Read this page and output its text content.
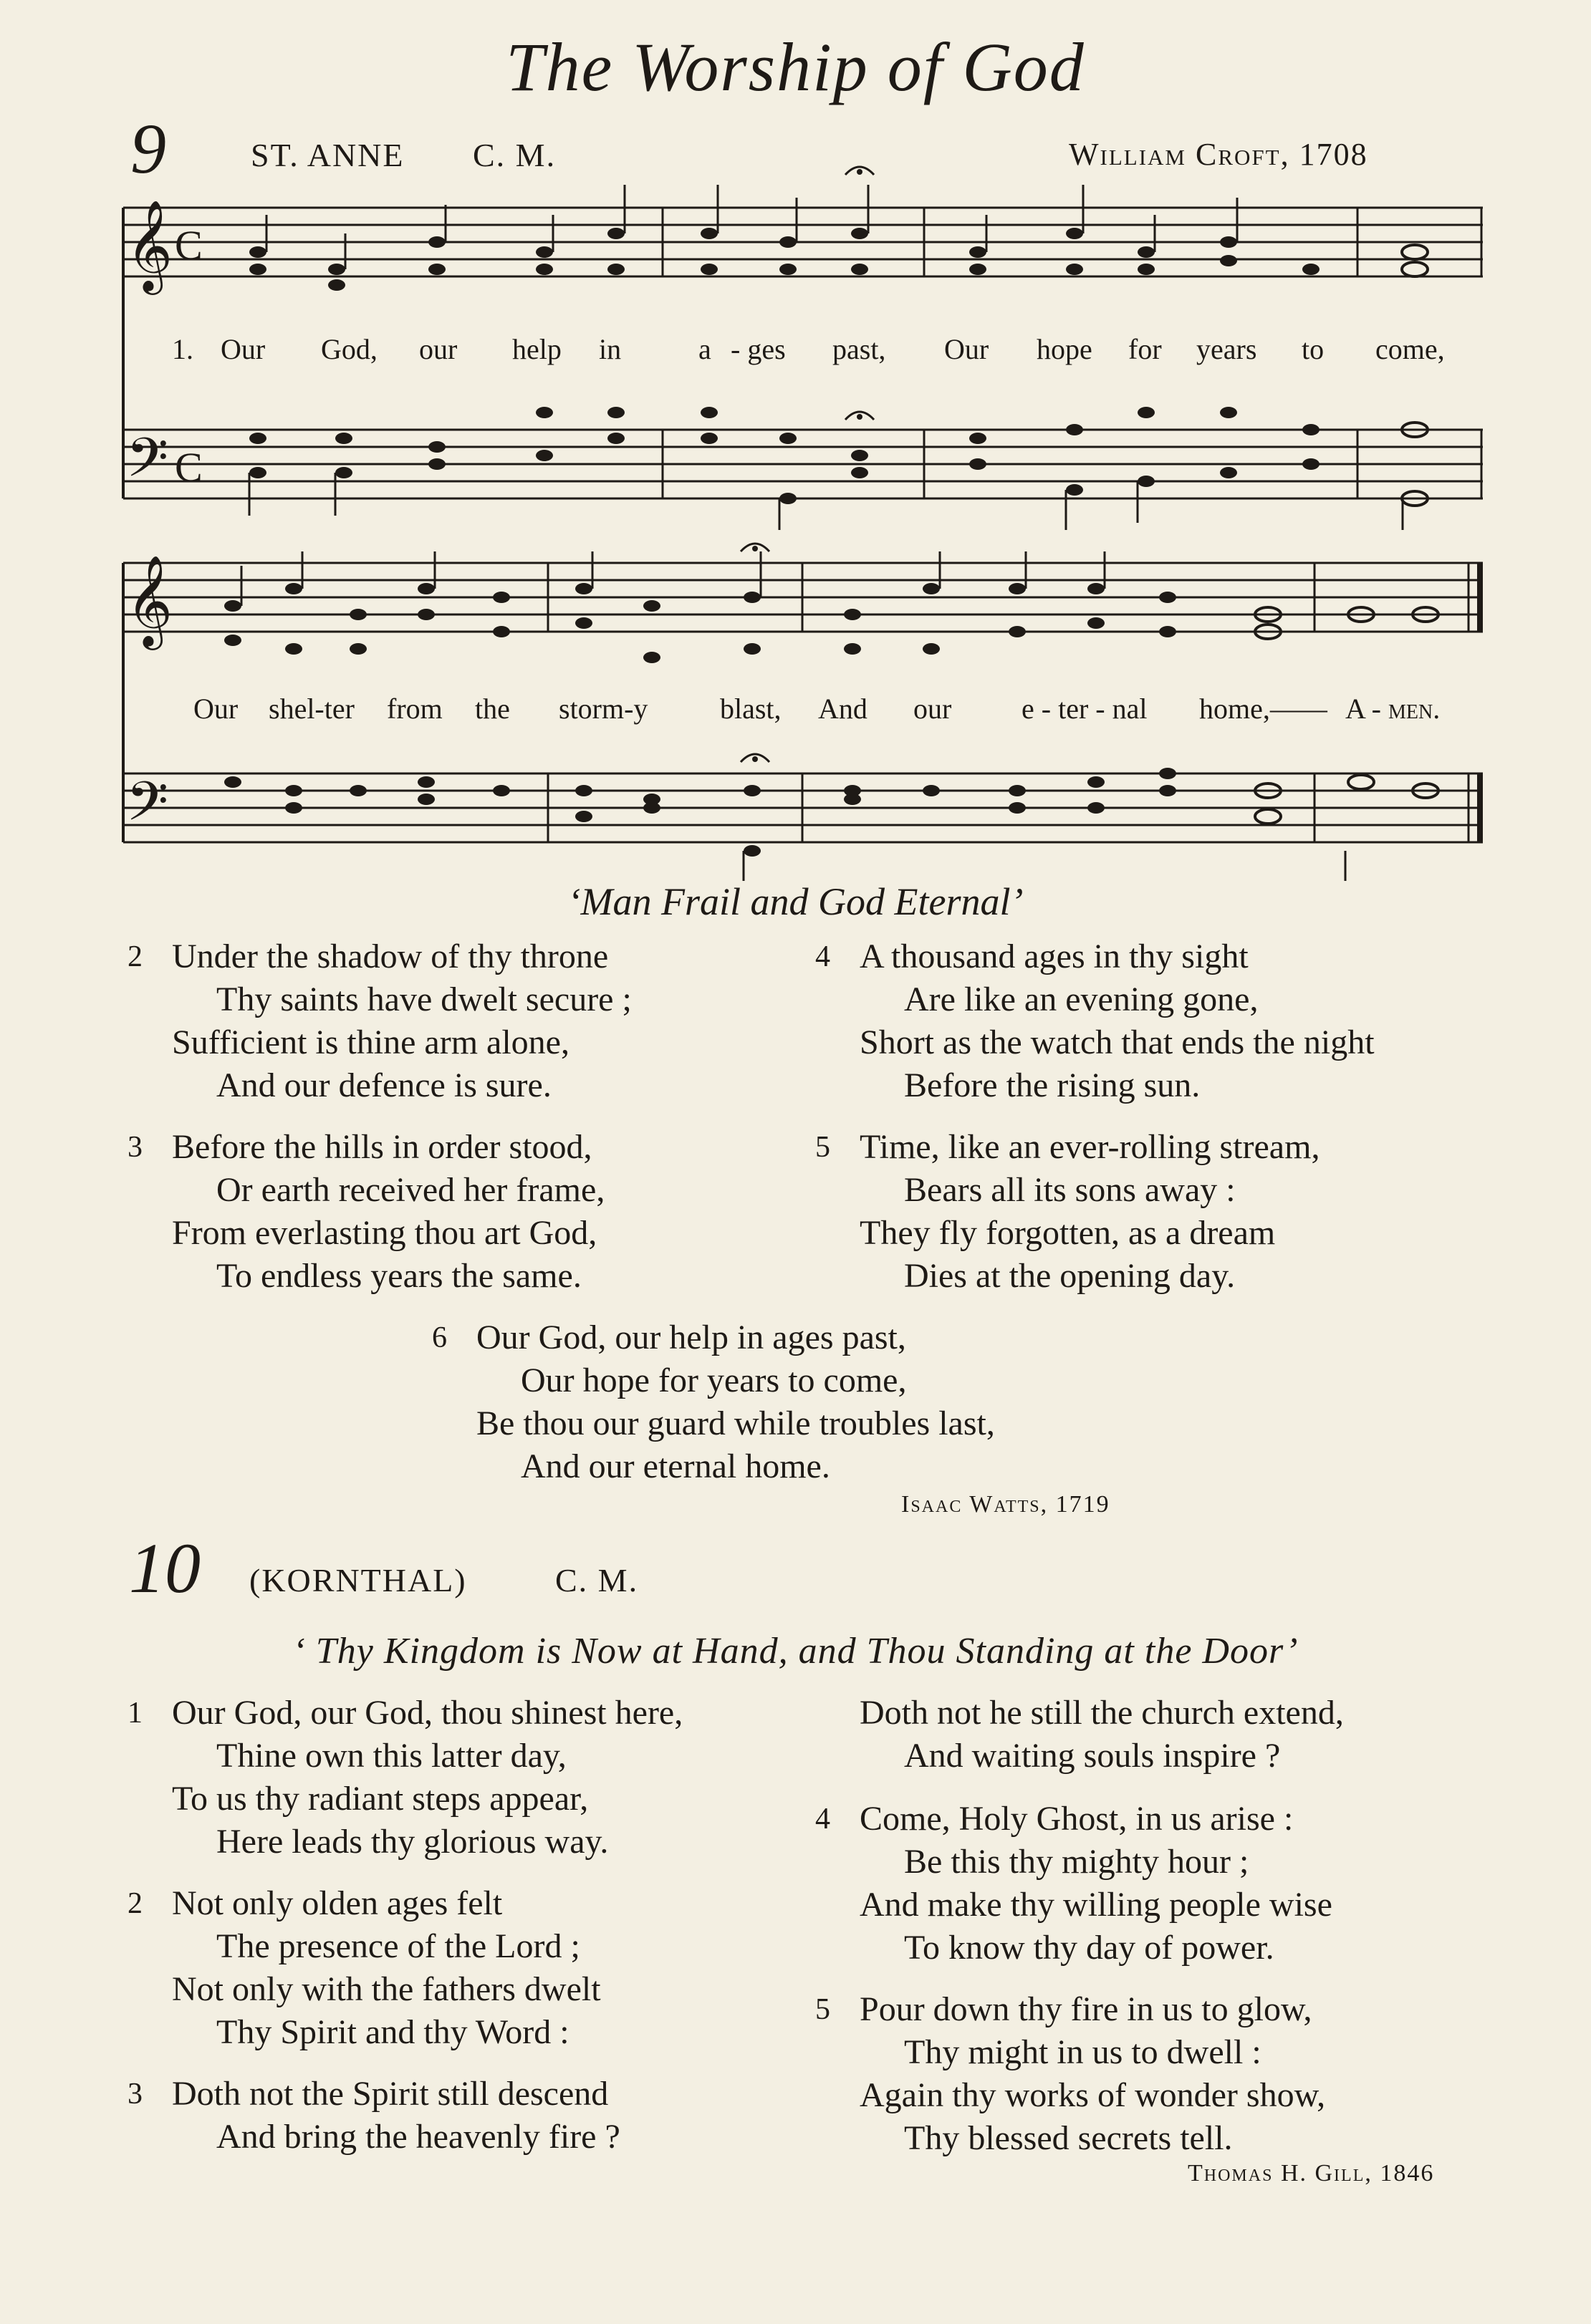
The Worship of God
9	ST. ANNE C. M.	William Croft, 1708
𝄞
𝄢
𝄞
𝄢
C
C
1. Our God, our help in	a - ges past, Our hope for years to come,
Our shel-ter from the storm-y	blast, And our e - ter - nal home,—— A - men.
‘Man Frail and God Eternal’
2 Under the shadow of thy throne
Thy saints have dwelt secure ;
Sufficient is thine arm alone,
And our defence is sure.
3 Before the hills in order stood,
Or earth received her frame,
From everlasting thou art God,
To endless years the same.
4 A thousand ages in thy sight
Are like an evening gone,
Short as the watch that ends the night
Before the rising sun.
5 Time, like an ever-rolling stream,
Bears all its sons away :
They fly forgotten, as a dream
Dies at the opening day.
6 Our God, our help in ages past,
Our hope for years to come,
Be thou our guard while troubles last,
And our eternal home.
Isaac Watts, 1719
10 (KORNTHAL)	C. M.
‘ Thy Kingdom is Now at Hand, and Thou Standing at the Door’
1 Our God, our God, thou shinest here,
Thine own this latter day,
To us thy radiant steps appear,
Here leads thy glorious way.
2 Not only olden ages felt
The presence of the Lord ;
Not only with the fathers dwelt
Thy Spirit and thy Word :
3 Doth not the Spirit still descend
And bring the heavenly fire ?
Doth not he still the church extend,
And waiting souls inspire ?
4 Come, Holy Ghost, in us arise :
Be this thy mighty hour ;
And make thy willing people wise
To know thy day of power.
5 Pour down thy fire in us to glow,
Thy might in us to dwell :
Again thy works of wonder show,
Thy blessed secrets tell.
Thomas H. Gill, 1846
